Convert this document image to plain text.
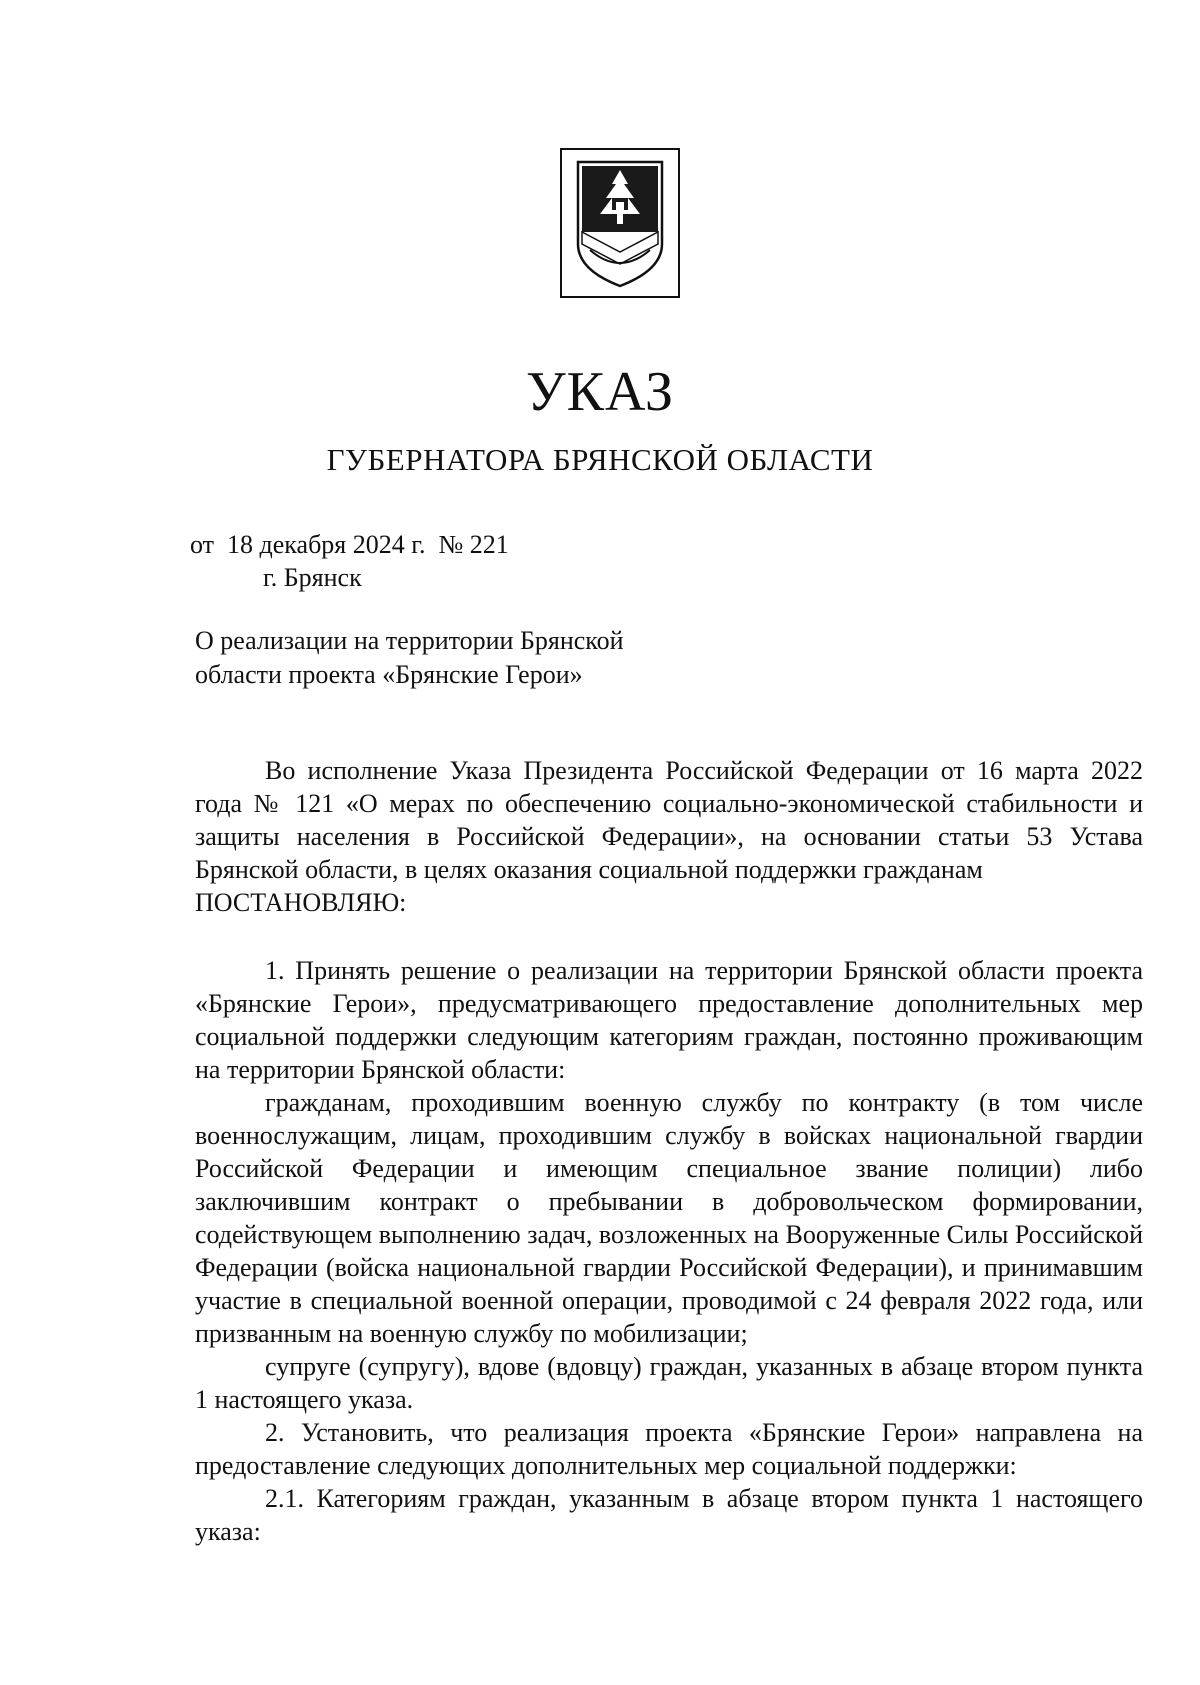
УКАЗ
ГУБЕРНАТОРА БРЯНСКОЙ ОБЛАСТИ
от  18 декабря 2024 г.  № 221
г. Брянск
О реализации на территории Брянской
области проекта «Брянские Герои»

Во исполнение Указа Президента Российской Федерации от 16 марта 2022 года № 121 «О мерах по обеспечению социально-экономической стабильности и защиты населения в Российской Федерации», на основании статьи 53 Устава Брянской области, в целях оказания социальной поддержки гражданам

ПОСТАНОВЛЯЮ:

1. Принять решение о реализации на территории Брянской области проекта «Брянские Герои», предусматривающего предоставление дополнительных мер социальной поддержки следующим категориям граждан, постоянно проживающим на территории Брянской области:

гражданам, проходившим военную службу по контракту (в том числе военнослужащим, лицам, проходившим службу в войсках национальной гвардии Российской Федерации и имеющим специальное звание полиции) либо заключившим контракт о пребывании в добровольческом формировании, содействующем выполнению задач, возложенных на Вооруженные Силы Российской Федерации (войска национальной гвардии Российской Федерации), и принимавшим участие в специальной военной операции, проводимой с 24 февраля 2022 года, или призванным на военную службу по мобилизации;

супруге (супругу), вдове (вдовцу) граждан, указанных в абзаце втором пункта 1 настоящего указа.

2. Установить, что реализация проекта «Брянские Герои» направлена на предоставление следующих дополнительных мер социальной поддержки:

2.1. Категориям граждан, указанным в абзаце втором пункта 1 настоящего указа:
